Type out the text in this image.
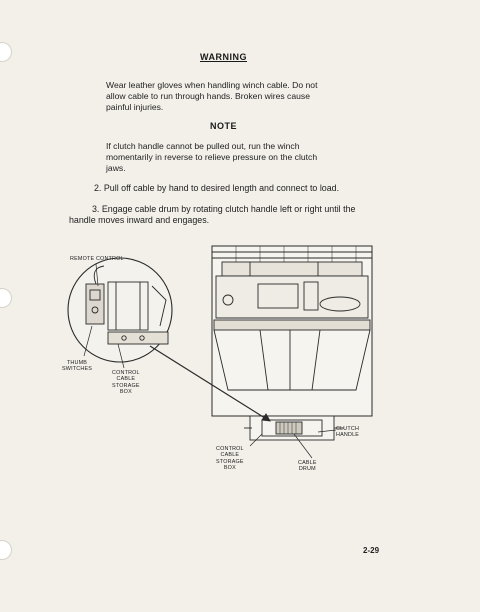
WARNING
Wear leather gloves when handling winch cable. Do not
allow cable to run through hands. Broken wires cause
painful injuries.
NOTE
If clutch handle cannot be pulled out, run the winch
momentarily in reverse to relieve pressure on the clutch
jaws.
2. Pull off cable by hand to desired length and connect to load.
3. Engage cable drum by rotating clutch handle left or right until the
handle moves inward and engages.
REMOTE CONTROL
THUMB
SWITCHES
CONTROL
CABLE
STORAGE
BOX
CLUTCH
HANDLE
CONTROL
CABLE
STORAGE
BOX
CABLE
DRUM
2-29
